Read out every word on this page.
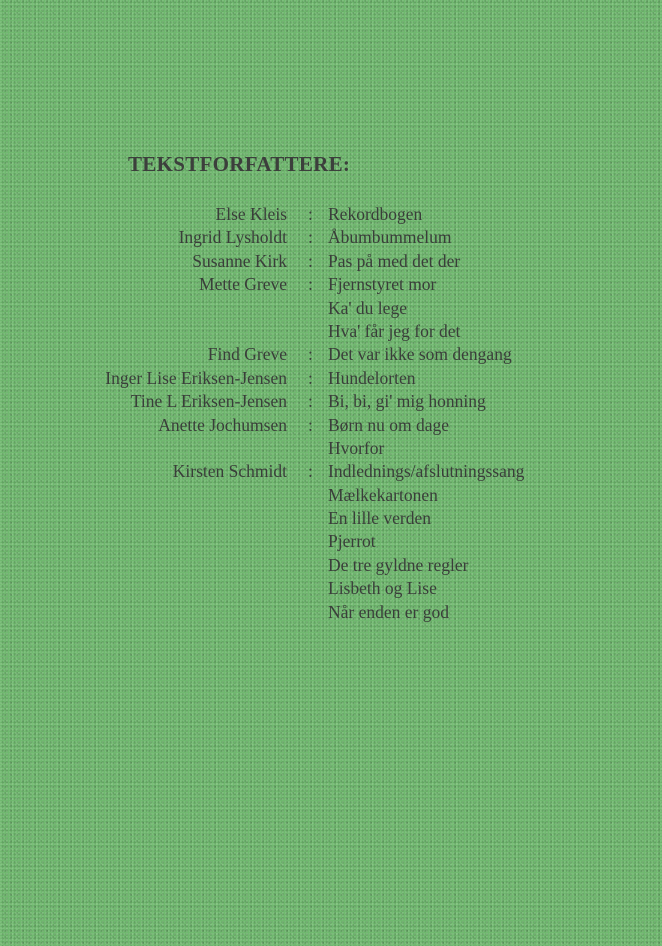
TEKSTFORFATTERE:
Else Kleis : Rekordbogen
Ingrid Lysholdt : Åbumbummelum
Susanne Kirk : Pas på med det der
Mette Greve : Fjernstyret mor
Ka' du lege
Hva' får jeg for det
Find Greve : Det var ikke som dengang
Inger Lise Eriksen-Jensen : Hundelorten
Tine L Eriksen-Jensen : Bi, bi, gi' mig honning
Anette Jochumsen : Børn nu om dage
Hvorfor
Kirsten Schmidt : Indlednings/afslutningssang
Mælkekartonen
En lille verden
Pjerrot
De tre gyldne regler
Lisbeth og Lise
Når enden er god
